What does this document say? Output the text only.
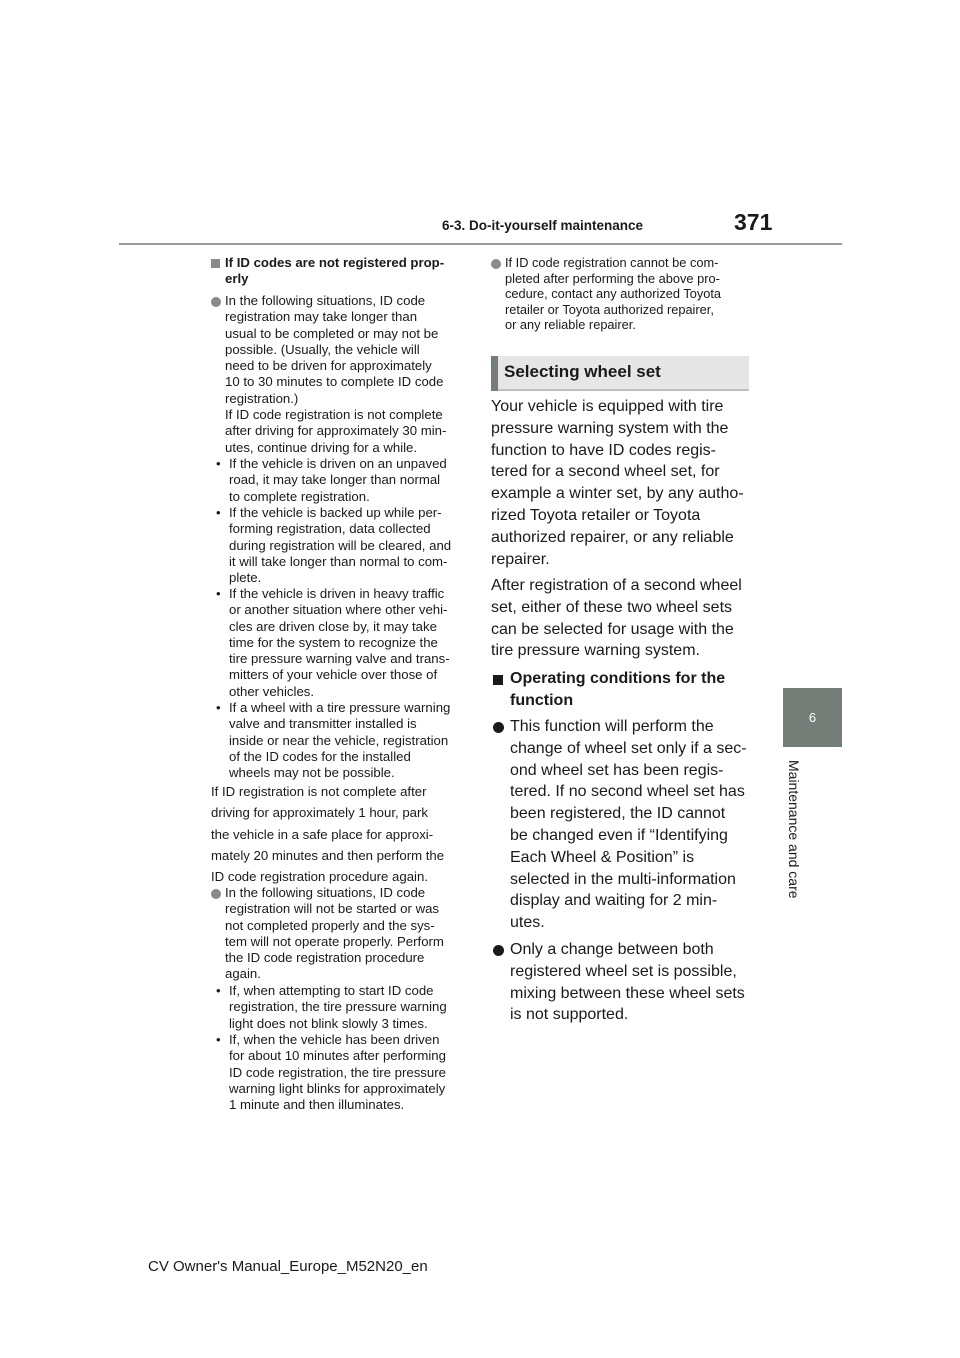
6-3. Do-it-yourself maintenance	371
6
Maintenance and care
If ID codes are not registered prop-
erly
In the following situations, ID code
registration may take longer than
usual to be completed or may not be
possible. (Usually, the vehicle will
need to be driven for approximately
10 to 30 minutes to complete ID code
registration.)
If ID code registration is not complete
after driving for approximately 30 min-
utes, continue driving for a while.
• If the vehicle is driven on an unpaved
road, it may take longer than normal
to complete registration.
• If the vehicle is backed up while per-
forming registration, data collected
during registration will be cleared, and
it will take longer than normal to com-
plete.
• If the vehicle is driven in heavy traffic
or another situation where other vehi-
cles are driven close by, it may take
time for the system to recognize the
tire pressure warning valve and trans-
mitters of your vehicle over those of
other vehicles.
• If a wheel with a tire pressure warning
valve and transmitter installed is
inside or near the vehicle, registration
of the ID codes for the installed
wheels may not be possible.
If ID registration is not complete after
driving for approximately 1 hour, park
the vehicle in a safe place for approxi-
mately 20 minutes and then perform the
ID code registration procedure again.
In the following situations, ID code
registration will not be started or was
not completed properly and the sys-
tem will not operate properly. Perform
the ID code registration procedure
again.
• If, when attempting to start ID code
registration, the tire pressure warning
light does not blink slowly 3 times.
• If, when the vehicle has been driven
for about 10 minutes after performing
ID code registration, the tire pressure
warning light blinks for approximately
1 minute and then illuminates.
If ID code registration cannot be com-
pleted after performing the above pro-
cedure, contact any authorized Toyota
retailer or Toyota authorized repairer,
or any reliable repairer.
Selecting wheel set
Your vehicle is equipped with tire
pressure warning system with the
function to have ID codes regis-
tered for a second wheel set, for
example a winter set, by any autho-
rized Toyota retailer or Toyota
authorized repairer, or any reliable
repairer.
After registration of a second wheel
set, either of these two wheel sets
can be selected for usage with the
tire pressure warning system.
Operating conditions for the
function
This function will perform the
change of wheel set only if a sec-
ond wheel set has been regis-
tered. If no second wheel set has
been registered, the ID cannot
be changed even if “Identifying
Each Wheel & Position” is
selected in the multi-information
display and waiting for 2 min-
utes.
Only a change between both
registered wheel set is possible,
mixing between these wheel sets
is not supported.
CV Owner's Manual_Europe_M52N20_en
